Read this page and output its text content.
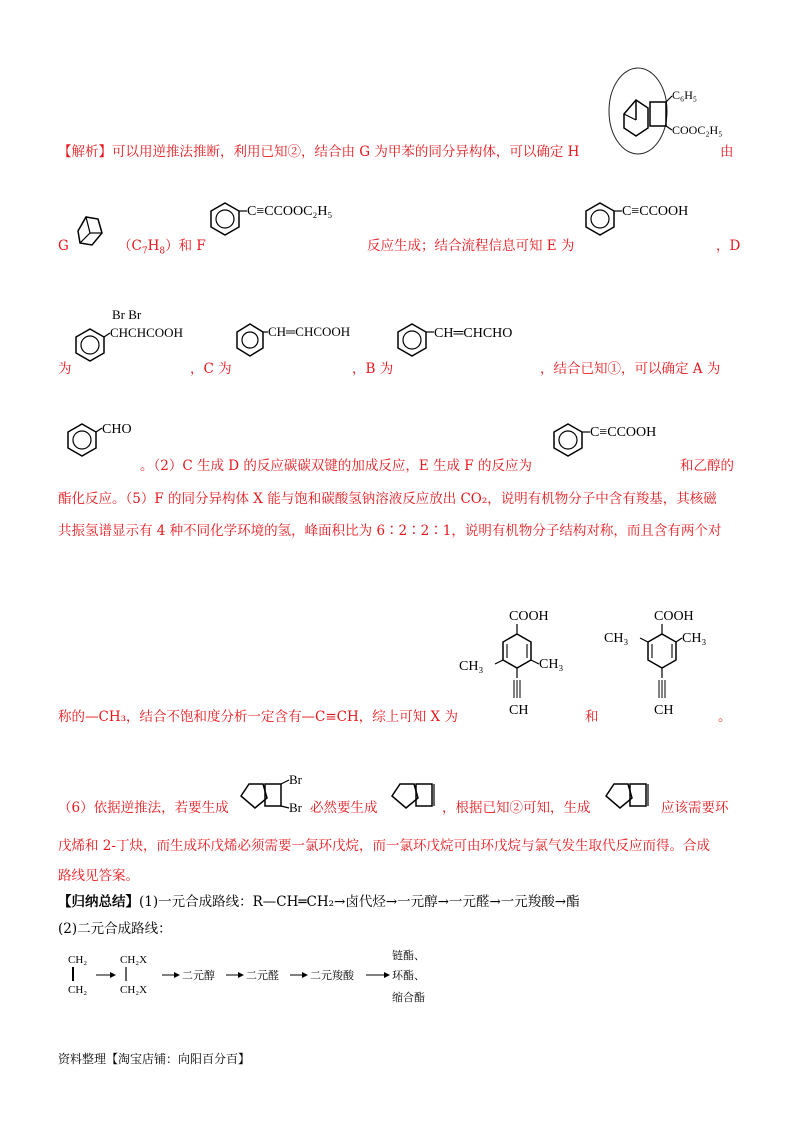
【解析】可以用逆推法推断，利用已知②，结合由 G 为甲苯的同分异构体，可以确定 H
C₆H₅
COOC₂H₅
由
G	$(C_7H_8)$和 F
C≡CCOOC₂H₅
反应生成；结合流程信息可知 E 为
C≡CCOOH
，D
为
Br Br
CHCHCOOH
，C 为
CH═CHCOOH
，B 为
CH═CHCHO
，结合已知①，可以确定 A 为
CHO
。（2）C 生成 D 的反应碳碳双键的加成反应，E 生成 F 的反应为
C≡CCOOH
和乙醇的
酯化反应。（5）F 的同分异构体 X 能与饱和碳酸氢钠溶液反应放出 CO₂，说明有机物分子中含有羧基，其核磁
共振氢谱显示有 4 种不同化学环境的氢，峰面积比为 6∶2∶2∶1，说明有机物分子结构对称，而且含有两个对
COOH
CH₃	CH₃
CH
COOH
CH₃	CH₃
CH
称的—CH₃，结合不饱和度分析一定含有—C≡CH，综上可知 X 为	和	。
（6）依据逆推法，若要生成
Br
Br 必然要生成	，根据已知②可知，生成	应该需要环
戊烯和 2-丁炔，而生成环戊烯必须需要一氯环戊烷，而一氯环戊烷可由环戊烷与氯气发生取代反应而得。合成
路线见答案。
【归纳总结】(1)一元合成路线：R—CH═CH₂→卤代烃→一元醇→一元醛→一元羧酸→酯
(2)二元合成路线：
CH₂
CH₂
CH₂X
CH₂X
二元醇	二元醛	二元羧酸
链酯、
环酯、
缩合酯
资料整理【淘宝店铺：向阳百分百】
